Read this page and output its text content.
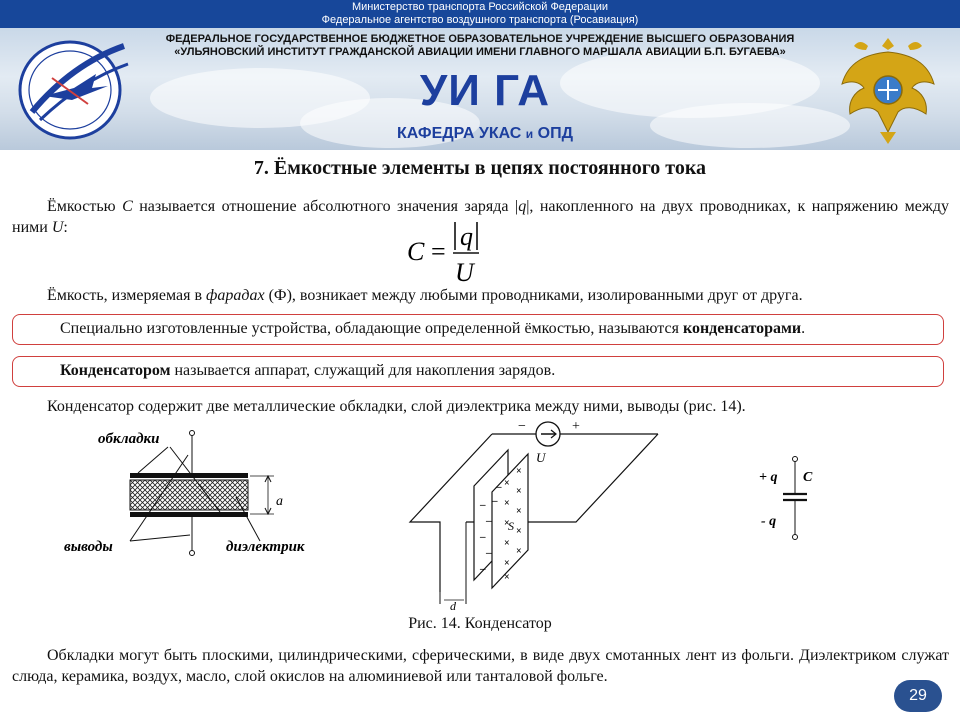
Министерство транспорта Российской Федерации
Федеральное агентство воздушного транспорта (Росавиация)
ФЕДЕРАЛЬНОЕ ГОСУДАРСТВЕННОЕ БЮДЖЕТНОЕ ОБРАЗОВАТЕЛЬНОЕ УЧРЕЖДЕНИЕ ВЫСШЕГО ОБРАЗОВАНИЯ
«УЛЬЯНОВСКИЙ ИНСТИТУТ ГРАЖДАНСКОЙ АВИАЦИИ ИМЕНИ ГЛАВНОГО МАРШАЛА АВИАЦИИ Б.П. БУГАЕВА»
УИ ГА
КАФЕДРА УКАС и ОПД
7. Ёмкостные элементы в цепях постоянного тока
Ёмкостью C называется отношение абсолютного значения заряда |q|, накопленного на двух проводниках, к напряжению между ними U:
C =
q
U
Ёмкость, измеряемая в фарадах (Ф), возникает между любыми проводниками, изолированными друг от друга.
Специально изготовленные устройства, обладающие определенной ёмкостью, называются конденсаторами.
Конденсатором называется аппарат, служащий для накопления зарядов.
Конденсатор содержит две металлические обкладки, слой диэлектрика между ними, выводы (рис. 14).
обкладки
a
выводы	диэлектрик
−	+
U
–
–
–
–
–
–
–
×
×
×
×
×
×
×
×
×
×
×
S
d
+ q C
- q
Рис. 14. Конденсатор
Обкладки могут быть плоскими, цилиндрическими, сферическими, в виде двух смотанных лент из фольги. Диэлектриком служат слюда, керамика, воздух, масло, слой окислов на алюминиевой или танталовой фольге.
29
